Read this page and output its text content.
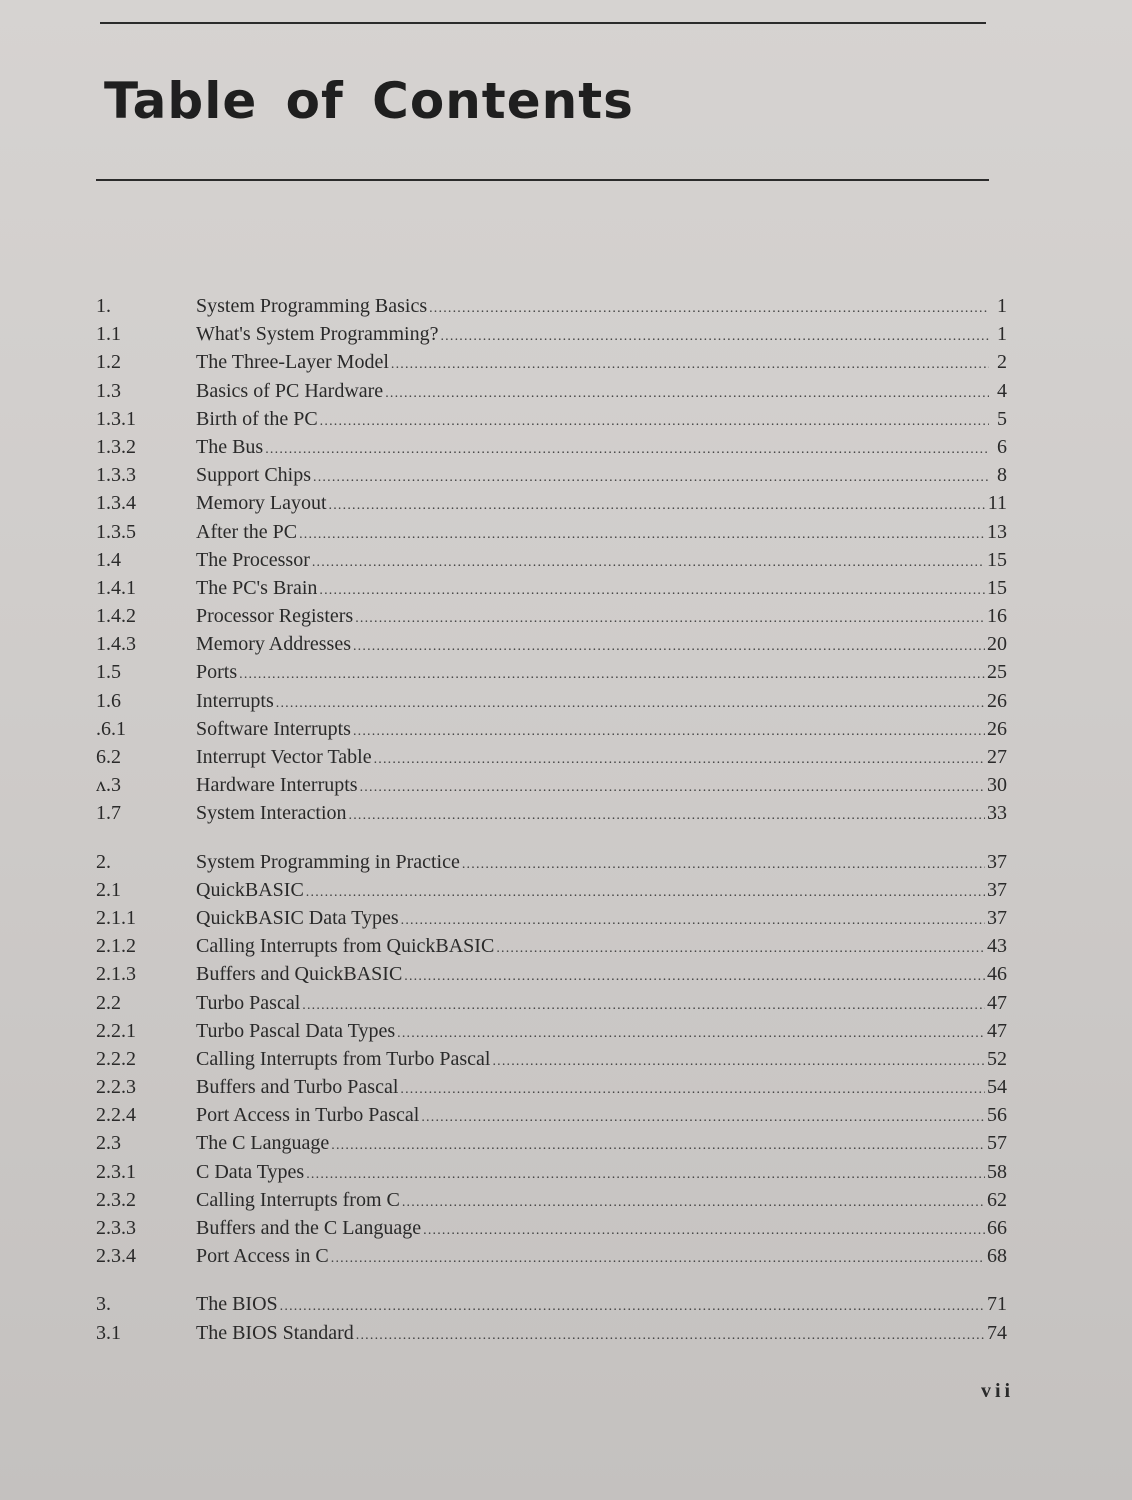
Table of Contents
1.	System Programming Basics .....	1
1.1	What's System Programming? .....	1
1.2	The Three-Layer Model .....	2
1.3	Basics of PC Hardware .....	4
1.3.1	Birth of the PC .....	5
1.3.2	The Bus .....	6
1.3.3	Support Chips .....	8
1.3.4	Memory Layout .....	11
1.3.5	After the PC .....	13
1.4	The Processor .....	15
1.4.1	The PC's Brain .....	15
1.4.2	Processor Registers .....	16
1.4.3	Memory Addresses .....	20
1.5	Ports .....	25
1.6	Interrupts .....	26
.6.1	Software Interrupts .....	26
6.2	Interrupt Vector Table .....	27
ʌ.3	Hardware Interrupts .....	30
1.7	System Interaction .....	33
2.	System Programming in Practice .....	37
2.1	QuickBASIC .....	37
2.1.1	QuickBASIC Data Types .....	37
2.1.2	Calling Interrupts from QuickBASIC .....	43
2.1.3	Buffers and QuickBASIC .....	46
2.2	Turbo Pascal .....	47
2.2.1	Turbo Pascal Data Types .....	47
2.2.2	Calling Interrupts from Turbo Pascal .....	52
2.2.3	Buffers and Turbo Pascal .....	54
2.2.4	Port Access in Turbo Pascal .....	56
2.3	The C Language .....	57
2.3.1	C Data Types .....	58
2.3.2	Calling Interrupts from C .....	62
2.3.3	Buffers and the C Language .....	66
2.3.4	Port Access in C .....	68
3.	The BIOS .....	71
3.1	The BIOS Standard .....	74
vii
